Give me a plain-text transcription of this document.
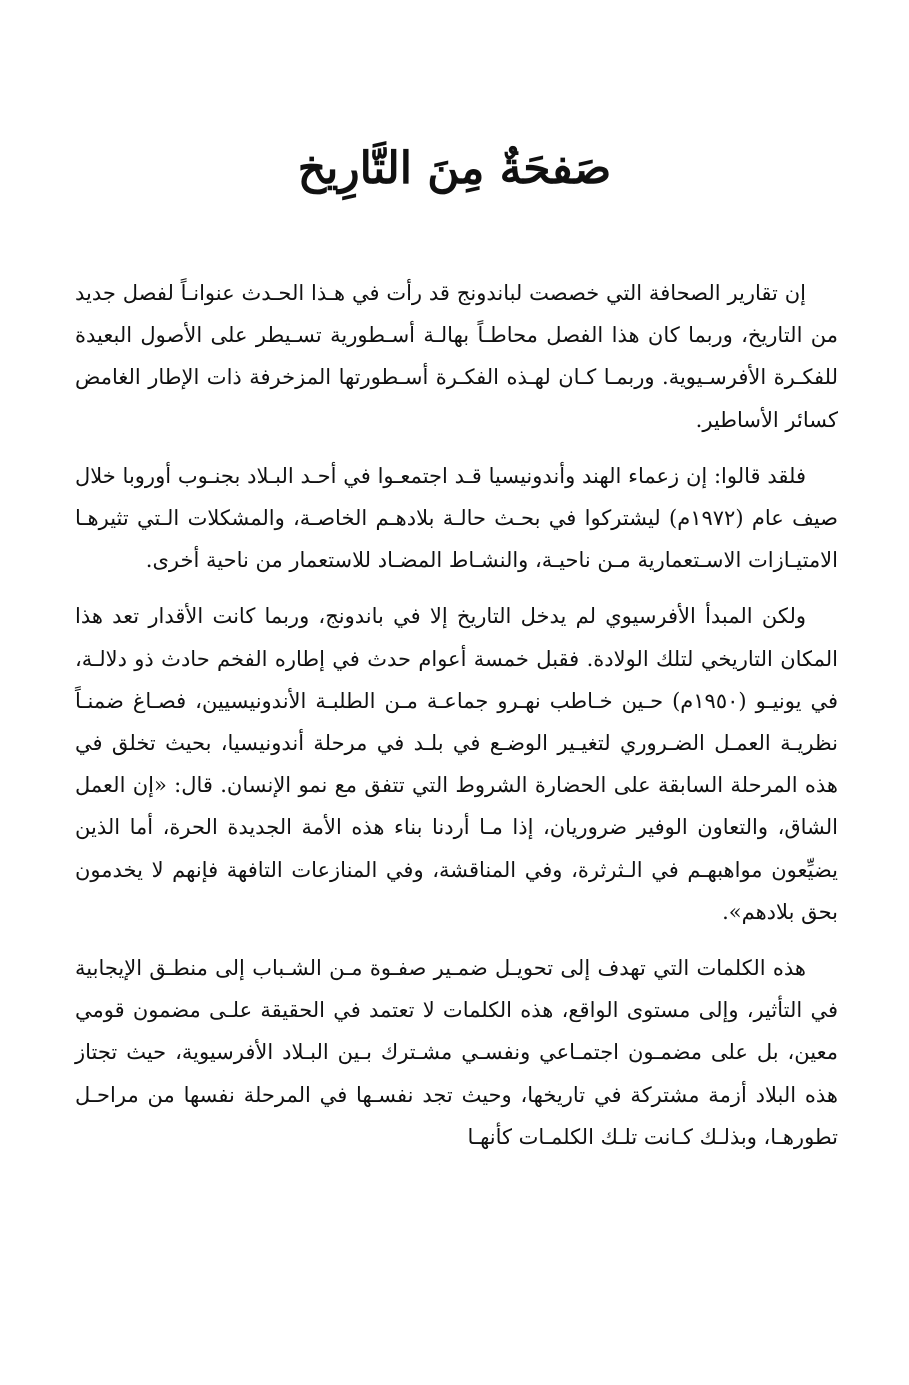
صَفحَةٌ مِنَ التَّارِيخ

إن تقارير الصحافة التي خصصت لباندونج قد رأت في هـذا الحـدث عنوانـاً لفصل جديد من التاريخ، وربما كان هذا الفصل محاطـاً بهالـة أسـطورية تسـيطر على الأصول البعيدة للفكـرة الأفرسـيوية. وربمـا كـان لهـذه الفكـرة أسـطورتها المزخرفة ذات الإطار الغامض كسائر الأساطير.

فلقد قالوا: إن زعماء الهند وأندونيسيا قـد اجتمعـوا في أحـد البـلاد بجنـوب أوروبا خلال صيف عام (١٩٧٢م) ليشتركوا في بحـث حالـة بلادهـم الخاصـة، والمشكلات الـتي تثيرهـا الامتيـازات الاسـتعمارية مـن ناحيـة، والنشـاط المضـاد للاستعمار من ناحية أخرى.

ولكن المبدأ الأفرسيوي لم يدخل التاريخ إلا في باندونج، وربما كانت الأقدار تعد هذا المكان التاريخي لتلك الولادة. فقبل خمسة أعوام حدث في إطاره الفخم حادث ذو دلالـة، في يونيـو (١٩٥٠م) حـين خـاطب نهـرو جماعـة مـن الطلبـة الأندونيسيين، فصـاغ ضمنـاً نظريـة العمـل الضـروري لتغيـير الوضـع في بلـد في مرحلة أندونيسيا، بحيث تخلق في هذه المرحلة السابقة على الحضارة الشروط التي تتفق مع نمو الإنسان. قال: «إن العمل الشاق، والتعاون الوفير ضروريان، إذا مـا أردنا بناء هذه الأمة الجديدة الحرة، أما الذين يضيِّعون مواهبهـم في الـثرثرة، وفي المناقشة، وفي المنازعات التافهة فإنهم لا يخدمون بحق بلادهم».

هذه الكلمات التي تهدف إلى تحويـل ضمـير صفـوة مـن الشـباب إلى منطـق الإيجابية في التأثير، وإلى مستوى الواقع، هذه الكلمات لا تعتمد في الحقيقة علـى مضمون قومي معين، بل على مضمـون اجتمـاعي ونفسـي مشـترك بـين البـلاد الأفرسيوية، حيث تجتاز هذه البلاد أزمة مشتركة في تاريخها، وحيث تجد نفسـها في المرحلة نفسها من مراحـل تطورهـا، وبذلـك كـانت تلـك الكلمـات كأنهـا
